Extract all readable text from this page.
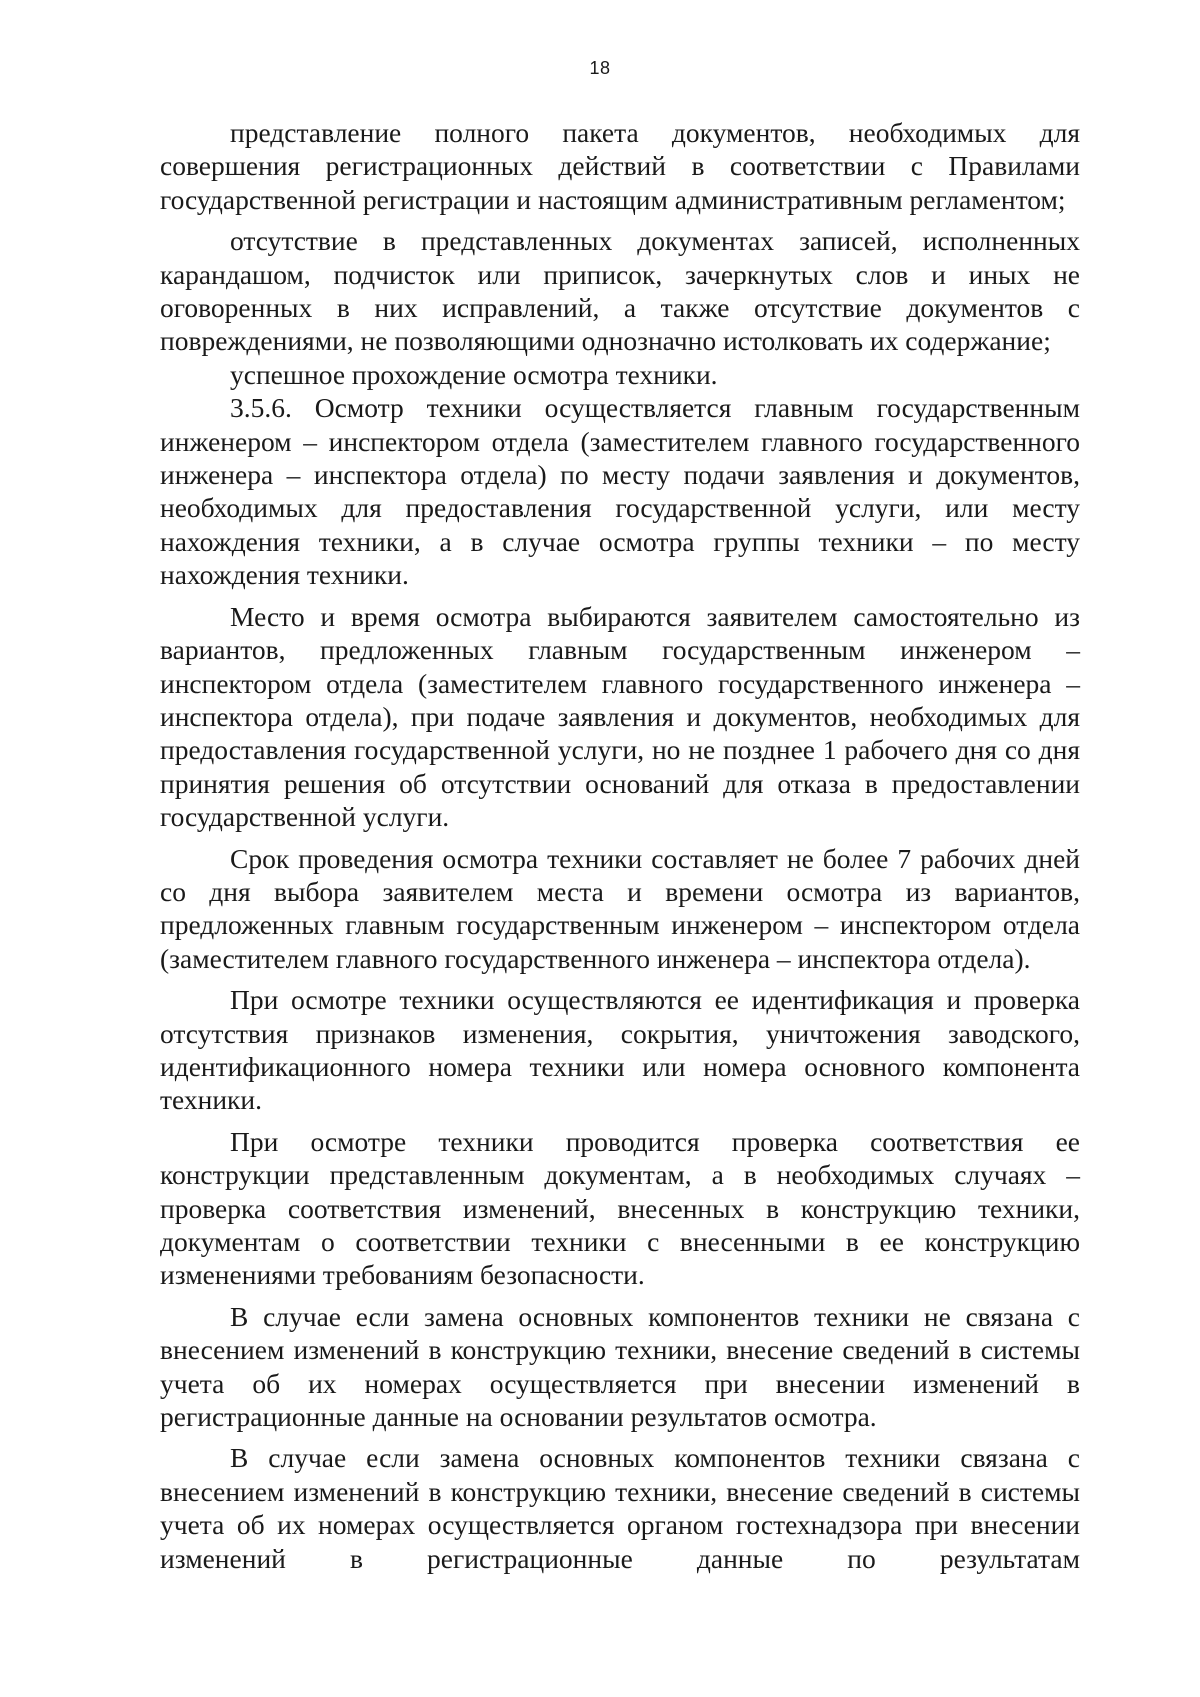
18

представление полного пакета документов, необходимых для совершения регистрационных действий в соответствии с Правилами государственной регистрации и настоящим административным регламентом;

отсутствие в представленных документах записей, исполненных карандашом, подчисток или приписок, зачеркнутых слов и иных не оговоренных в них исправлений, а также отсутствие документов с повреждениями, не позволяющими однозначно истолковать их содержание;

успешное прохождение осмотра техники.

3.5.6. Осмотр техники осуществляется главным государственным инженером – инспектором отдела (заместителем главного государственного инженера – инспектора отдела) по месту подачи заявления и документов, необходимых для предоставления государственной услуги, или месту нахождения техники, а в случае осмотра группы техники – по месту нахождения техники.

Место и время осмотра выбираются заявителем самостоятельно из вариантов, предложенных главным государственным инженером – инспектором отдела (заместителем главного государственного инженера – инспектора отдела), при подаче заявления и документов, необходимых для предоставления государственной услуги, но не позднее 1 рабочего дня со дня принятия решения об отсутствии оснований для отказа в предоставлении государственной услуги.

Срок проведения осмотра техники составляет не более 7 рабочих дней со дня выбора заявителем места и времени осмотра из вариантов, предложенных главным государственным инженером – инспектором отдела (заместителем главного государственного инженера – инспектора отдела).

При осмотре техники осуществляются ее идентификация и проверка отсутствия признаков изменения, сокрытия, уничтожения заводского, идентификационного номера техники или номера основного компонента техники.

При осмотре техники проводится проверка соответствия ее конструкции представленным документам, а в необходимых случаях – проверка соответствия изменений, внесенных в конструкцию техники, документам о соответствии техники с внесенными в ее конструкцию изменениями требованиям безопасности.

В случае если замена основных компонентов техники не связана с внесением изменений в конструкцию техники, внесение сведений в системы учета об их номерах осуществляется при внесении изменений в регистрационные данные на основании результатов осмотра.

В случае если замена основных компонентов техники связана с внесением изменений в конструкцию техники, внесение сведений в системы учета об их номерах осуществляется органом гостехнадзора при внесении изменений в регистрационные данные по результатам
